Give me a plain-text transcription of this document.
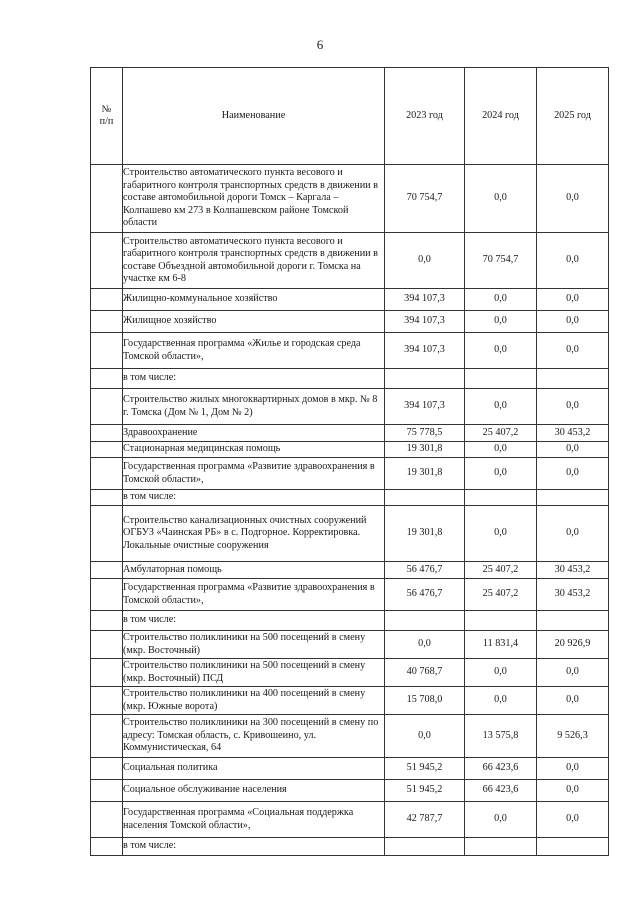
6
№
п/п	Наименование	2023 год	2024 год	2025 год
	Строительство автоматического пункта весового и габаритного контроля транспортных средств в движении в составе автомобильной дороги Томск – Каргала – Колпашево км 273 в Колпашевском районе Томской области	70 754,7	0,0	0,0
	Строительство автоматического пункта весового и габаритного контроля транспортных средств в движении в составе Объездной автомобильной дороги г. Томска на участке км 6-8	0,0	70 754,7	0,0
	Жилищно-коммунальное хозяйство	394 107,3	0,0	0,0
	Жилищное хозяйство	394 107,3	0,0	0,0
	Государственная программа «Жилье и городская среда Томской области»,	394 107,3	0,0	0,0
	в том числе:			
	Строительство жилых многоквартирных домов в мкр. № 8 г. Томска (Дом № 1, Дом № 2)	394 107,3	0,0	0,0
	Здравоохранение	75 778,5	25 407,2	30 453,2
	Стационарная медицинская помощь	19 301,8	0,0	0,0
	Государственная программа «Развитие здравоохранения в Томской области»,	19 301,8	0,0	0,0
	в том числе:			
	Строительство канализационных очистных сооружений ОГБУЗ «Чаинская РБ» в с. Подгорное. Корректировка. Локальные очистные сооружения	19 301,8	0,0	0,0
	Амбулаторная помощь	56 476,7	25 407,2	30 453,2
	Государственная программа «Развитие здравоохранения в Томской области»,	56 476,7	25 407,2	30 453,2
	в том числе:			
	Строительство поликлиники на 500 посещений в смену (мкр. Восточный)	0,0	11 831,4	20 926,9
	Строительство поликлиники на 500 посещений в смену (мкр. Восточный) ПСД	40 768,7	0,0	0,0
	Строительство поликлиники на 400 посещений в смену (мкр. Южные ворота)	15 708,0	0,0	0,0
	Строительство поликлиники на 300 посещений в смену по адресу: Томская область, с. Кривошеино, ул. Коммунистическая, 64	0,0	13 575,8	9 526,3
	Социальная политика	51 945,2	66 423,6	0,0
	Социальное обслуживание населения	51 945,2	66 423,6	0,0
	Государственная программа «Социальная поддержка населения Томской области»,	42 787,7	0,0	0,0
	в том числе:			
